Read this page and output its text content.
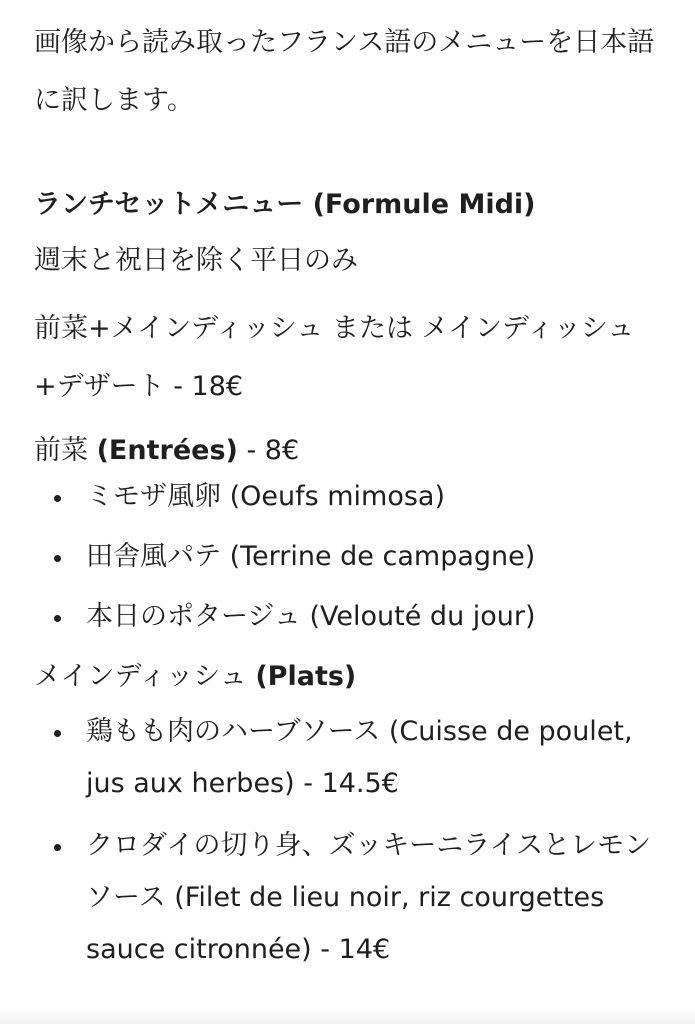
画像から読み取ったフランス語のメニューを日本語に訳します。

ランチセットメニュー (Formule Midi)

週末と祝日を除く平日のみ

前菜+メインディッシュ または メインディッシュ+デザート - 18€

前菜 (Entrées) - 8€

ミモザ風卵 (Oeufs mimosa)
田舎風パテ (Terrine de campagne)
本日のポタージュ (Velouté du jour)

メインディッシュ (Plats)

鶏もも肉のハーブソース (Cuisse de poulet, jus aux herbes) - 14.5€
クロダイの切り身、ズッキーニライスとレモンソース (Filet de lieu noir, riz courgettes sauce citronnée) - 14€
